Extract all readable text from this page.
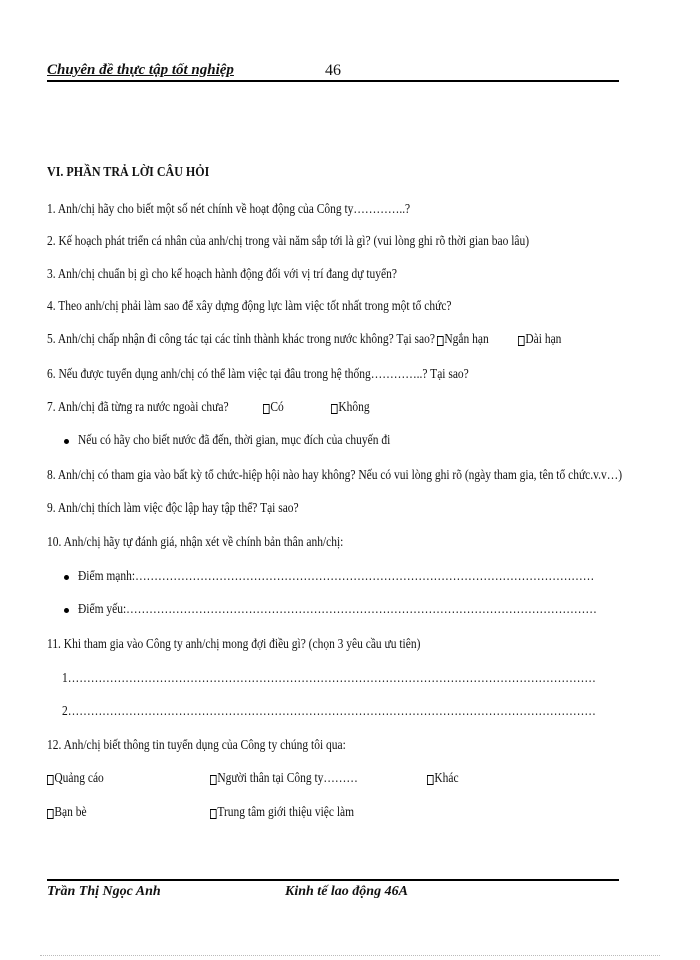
Chuyên đề thực tập tốt nghiệp	46
VI. PHẦN TRẢ LỜI CÂU HỎI
1. Anh/chị hãy cho biết một số nét chính về hoạt động của Công ty…………..?
2. Kế hoạch phát triển cá nhân của anh/chị trong vài năm sắp tới là gì? (vui lòng ghi rõ thời gian bao lâu)
3. Anh/chị chuẩn bị gì cho kế hoạch hành động đối với vị trí đang dự tuyển?
4. Theo anh/chị phải làm sao để xây dựng động lực làm việc tốt nhất trong một tổ chức?
5. Anh/chị chấp nhận đi công tác tại các tỉnh thành khác trong nước không? Tại sao? Ngắn hạn	Dài hạn
6. Nếu được tuyển dụng anh/chị có thể làm việc tại đâu trong hệ thống…………..? Tại sao?
7. Anh/chị đã từng ra nước ngoài chưa?	Có	Không
Nếu có hãy cho biết nước đã đến, thời gian, mục đích của chuyến đi
8. Anh/chị có tham gia vào bất kỳ tổ chức-hiệp hội nào hay không? Nếu có vui lòng ghi rõ (ngày tham gia, tên tổ chức.v.v…)
9. Anh/chị thích làm việc độc lập hay tập thể? Tại sao?
10. Anh/chị hãy tự đánh giá, nhận xét về chính bản thân anh/chị:
Điểm mạnh:…………………………………………………………………………………………………………
Điểm yếu:……………………………………………………………………………………………………………
11. Khi tham gia vào Công ty anh/chị mong đợi điều gì? (chọn 3 yêu cầu ưu tiên)
1…………………………………………………………………………………………………………………………
2…………………………………………………………………………………………………………………………
12. Anh/chị biết thông tin tuyển dụng của Công ty chúng tôi qua:
Quảng cáo	Người thân tại Công ty………	Khác
Bạn bè	Trung tâm giới thiệu việc làm
Trần Thị Ngọc Anh	Kinh tế lao động 46A
